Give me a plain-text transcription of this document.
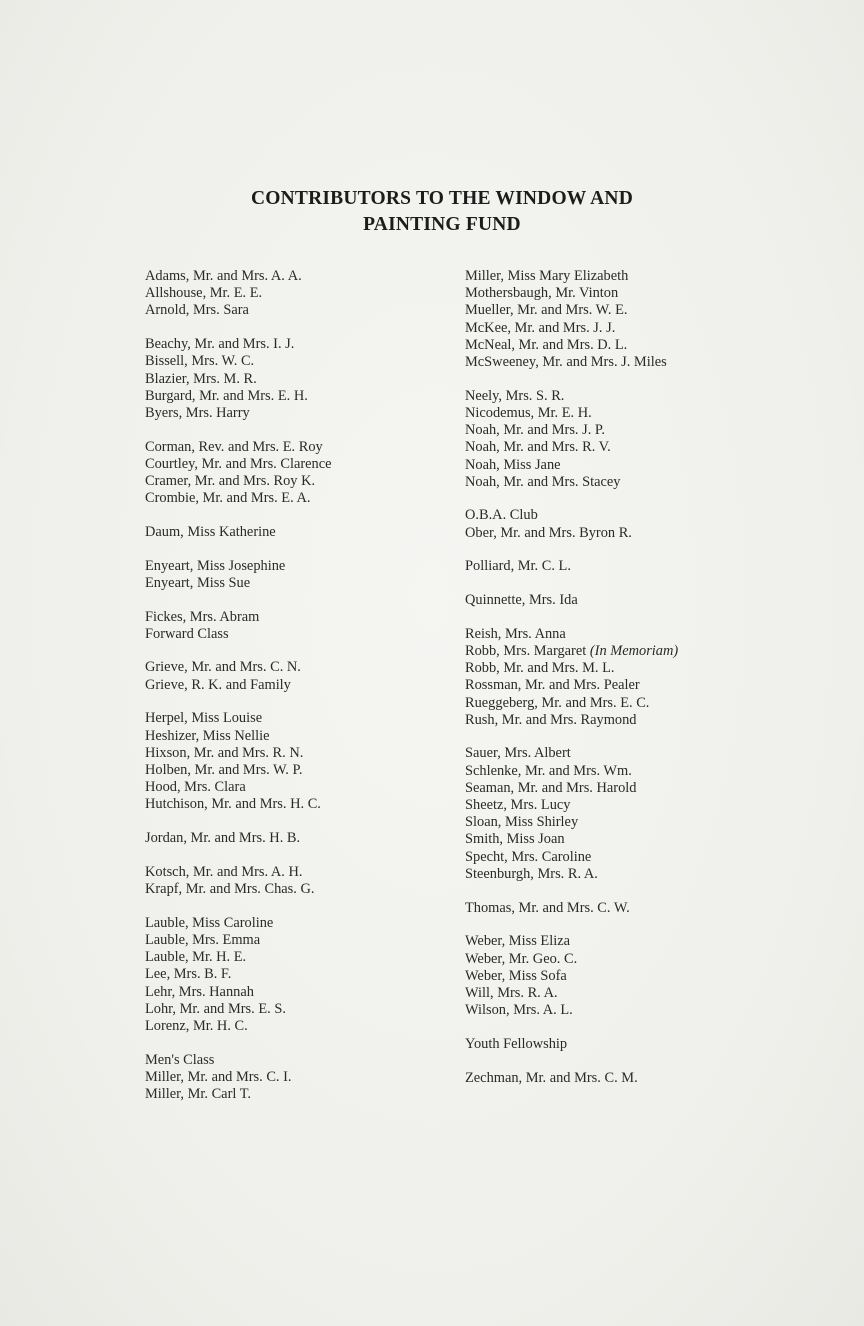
CONTRIBUTORS TO THE WINDOW AND
PAINTING FUND
Adams, Mr. and Mrs. A. A.
Allshouse, Mr. E. E.
Arnold, Mrs. Sara
Beachy, Mr. and Mrs. I. J.
Bissell, Mrs. W. C.
Blazier, Mrs. M. R.
Burgard, Mr. and Mrs. E. H.
Byers, Mrs. Harry
Corman, Rev. and Mrs. E. Roy
Courtley, Mr. and Mrs. Clarence
Cramer, Mr. and Mrs. Roy K.
Crombie, Mr. and Mrs. E. A.
Daum, Miss Katherine
Enyeart, Miss Josephine
Enyeart, Miss Sue
Fickes, Mrs. Abram
Forward Class
Grieve, Mr. and Mrs. C. N.
Grieve, R. K. and Family
Herpel, Miss Louise
Heshizer, Miss Nellie
Hixson, Mr. and Mrs. R. N.
Holben, Mr. and Mrs. W. P.
Hood, Mrs. Clara
Hutchison, Mr. and Mrs. H. C.
Jordan, Mr. and Mrs. H. B.
Kotsch, Mr. and Mrs. A. H.
Krapf, Mr. and Mrs. Chas. G.
Lauble, Miss Caroline
Lauble, Mrs. Emma
Lauble, Mr. H. E.
Lee, Mrs. B. F.
Lehr, Mrs. Hannah
Lohr, Mr. and Mrs. E. S.
Lorenz, Mr. H. C.
Men's Class
Miller, Mr. and Mrs. C. I.
Miller, Mr. Carl T.
Miller, Miss Mary Elizabeth
Mothersbaugh, Mr. Vinton
Mueller, Mr. and Mrs. W. E.
McKee, Mr. and Mrs. J. J.
McNeal, Mr. and Mrs. D. L.
McSweeney, Mr. and Mrs. J. Miles
Neely, Mrs. S. R.
Nicodemus, Mr. E. H.
Noah, Mr. and Mrs. J. P.
Noah, Mr. and Mrs. R. V.
Noah, Miss Jane
Noah, Mr. and Mrs. Stacey
O.B.A. Club
Ober, Mr. and Mrs. Byron R.
Polliard, Mr. C. L.
Quinnette, Mrs. Ida
Reish, Mrs. Anna
Robb, Mrs. Margaret (In Memoriam)
Robb, Mr. and Mrs. M. L.
Rossman, Mr. and Mrs. Pealer
Rueggeberg, Mr. and Mrs. E. C.
Rush, Mr. and Mrs. Raymond
Sauer, Mrs. Albert
Schlenke, Mr. and Mrs. Wm.
Seaman, Mr. and Mrs. Harold
Sheetz, Mrs. Lucy
Sloan, Miss Shirley
Smith, Miss Joan
Specht, Mrs. Caroline
Steenburgh, Mrs. R. A.
Thomas, Mr. and Mrs. C. W.
Weber, Miss Eliza
Weber, Mr. Geo. C.
Weber, Miss Sofa
Will, Mrs. R. A.
Wilson, Mrs. A. L.
Youth Fellowship
Zechman, Mr. and Mrs. C. M.
